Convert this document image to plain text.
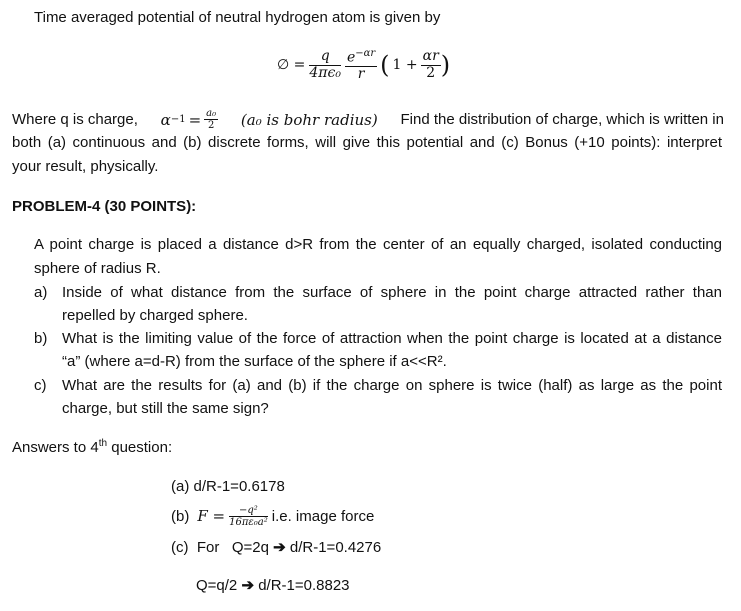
Time averaged potential of neutral hydrogen atom is given by
∅ = $\frac{q}{\text{4πϵ₀}} \frac{e^{-\alpha r}}{r}$ ( $1 + \frac{\alpha r}{2}$ )
Where q is charge, $\alpha -1 = \frac{\text{a₀}}{2} (a_0$ is bohr radius) Find the distribution of charge, which is written in
both (a) continuous and (b) discrete forms, will give this potential and (c) Bonus (+10 points): interpret
your result, physically.
PROBLEM-4 (30 POINTS):
A point charge is placed a distance d>R from the center of an equally charged, isolated conducting
sphere of radius R.
a) Inside of what distance from the surface of sphere in the point charge attracted rather than
repelled by charged sphere.
b) What is the limiting value of the force of attraction when the point charge is located at a distance
“a” (where a=d-R) from the surface of the sphere if a<<R².
c) What are the results for (a) and (b) if the charge on sphere is twice (half) as large as the point
charge, but still the same sign?
Answers to 4th question:
(a) d/R-1=0.6178
(b) $F = \frac{\text{−q²}}{\text{16πε₀a²}} i.e$. image force
(c)  For   Q=2q ➔ d/R-1=0.4276
Q=q/2 ➔ d/R-1=0.8823
